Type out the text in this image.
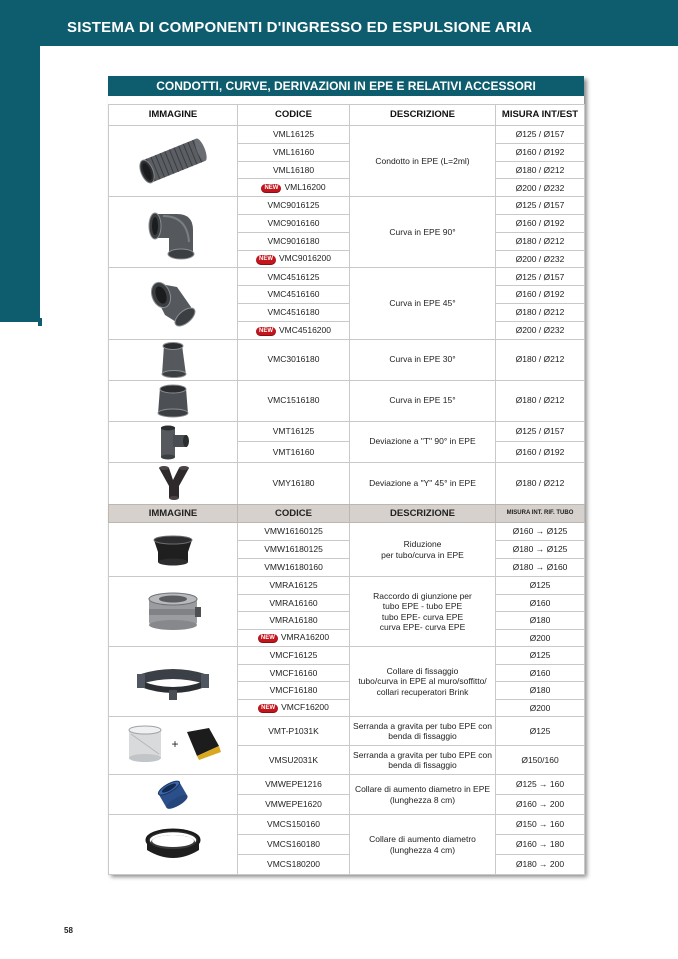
SISTEMA DI COMPONENTI D'INGRESSO ED ESPULSIONE ARIA
CONDOTTI, CURVE, DERIVAZIONI IN EPE E RELATIVI ACCESSORI
IMMAGINE	CODICE	DESCRIZIONE	MISURA INT/EST

	VML16125	Condotto in EPE (L=2ml)	Ø125 / Ø157
	VML16160		Ø160 / Ø192
	VML16180		Ø180 / Ø212
	NEW VML16200		Ø200 / Ø232

	VMC9016125	Curva in EPE 90°	Ø125 / Ø157
	VMC9016160		Ø160 / Ø192
	VMC9016180		Ø180 / Ø212
	NEW VMC9016200		Ø200 / Ø232

	VMC4516125	Curva in EPE 45°	Ø125 / Ø157
	VMC4516160		Ø160 / Ø192
	VMC4516180		Ø180 / Ø212
	NEW VMC4516200		Ø200 / Ø232

	VMC3016180	Curva in EPE 30°	Ø180 / Ø212

	VMC1516180	Curva in EPE 15°	Ø180 / Ø212

	VMT16125	Deviazione a "T" 90° in EPE	Ø125 / Ø157
	VMT16160		Ø160 / Ø192

	VMY16180	Deviazione a "Y" 45° in EPE	Ø180 / Ø212
IMMAGINE	CODICE	DESCRIZIONE	MISURA INT. RIF. TUBO

	VMW16160125	Riduzione
per tubo/curva in EPE	Ø160 → Ø125
	VMW16180125		Ø180 → Ø125
	VMW16180160		Ø180 → Ø160

	VMRA16125	Raccordo di giunzione per
tubo EPE - tubo EPE
tubo EPE- curva EPE
curva EPE- curva EPE	Ø125
	VMRA16160		Ø160
	VMRA16180		Ø180
	NEW VMRA16200		Ø200

	VMCF16125	Collare di fissaggio
tubo/curva in EPE al muro/soffitto/
collari recuperatori Brink	Ø125
	VMCF16160		Ø160
	VMCF16180		Ø180
	NEW VMCF16200		Ø200

+	VMT-P1031K	Serranda a gravita per tubo EPE con
benda di fissaggio	Ø125
	VMSU2031K	Serranda a gravita per tubo EPE con
benda di fissaggio	Ø150/160

	VMWEPE1216	Collare di aumento diametro in EPE
(lunghezza 8 cm)	Ø125 → 160
	VMWEPE1620		Ø160 → 200

	VMCS150160	Collare di aumento diametro
(lunghezza 4 cm)	Ø150 → 160
	VMCS160180		Ø160 → 180
	VMCS180200		Ø180 → 200
58
